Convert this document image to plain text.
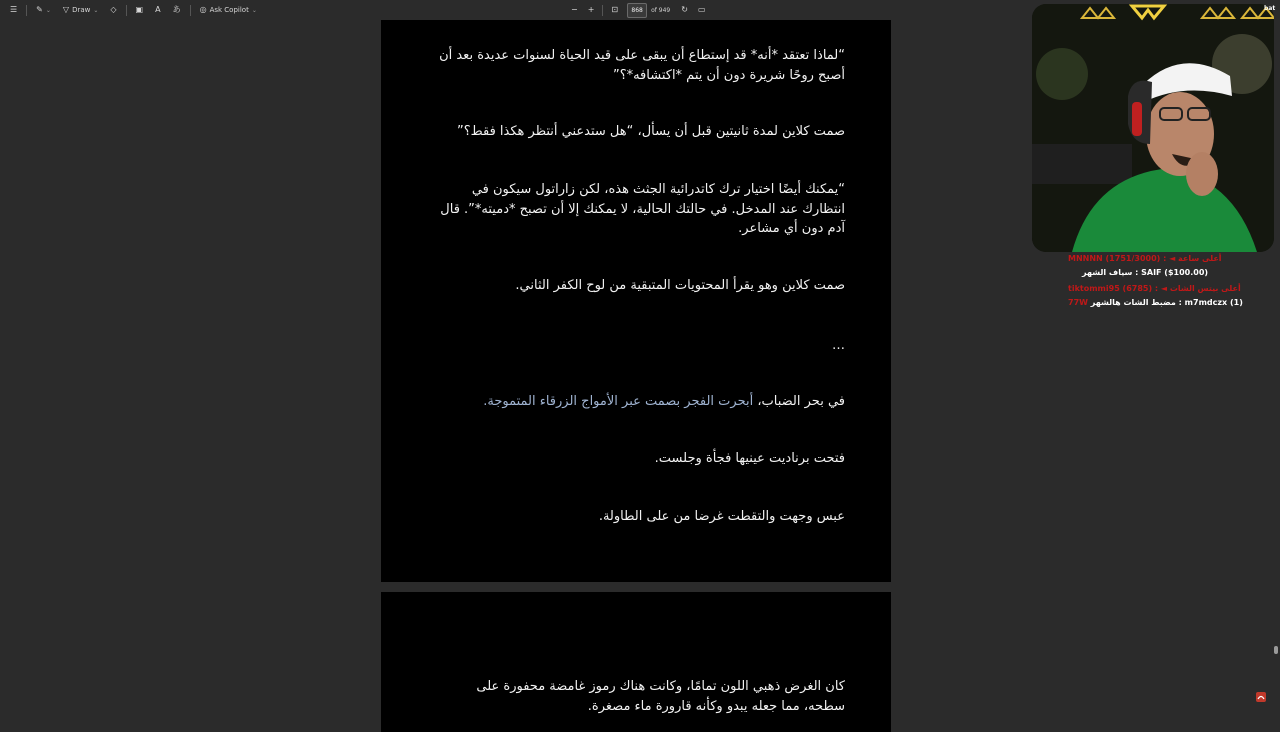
☰ ✎ ⌄ ▽ Draw ⌄ ◇ ▣ A あ ◎ Ask Copilot ⌄	− + ⊡	868	of 949 ↻ ▭

“لماذا تعتقد *أنه* قد إستطاع أن يبقى على قيد الحياة لسنوات عديدة بعد أن أصبح روحًا شريرة دون أن يتم *اكتشافه*؟”

صمت كلاين لمدة ثانيتين قبل أن يسأل، “هل ستدعني أنتظر هكذا فقط؟”

“يمكنك أيضًا اختيار ترك كاتدرائية الجثث هذه، لكن زاراتول سيكون في انتظارك عند المدخل. في حالتك الحالية، لا يمكنك إلا أن تصبح *دميته*”. قال آدم دون أي مشاعر.

صمت كلاين وهو يقرأ المحتويات المتبقية من لوح الكفر الثاني.

…

في بحر الضباب، أبحرت الفجر بصمت عبر الأمواج الزرقاء المتموجة.

فتحت برناديت عينيها فجأة وجلست.

عبس وجهت والتقطت غرضا من على الطاولة.

كان الغرض ذهبي اللون تمامًا، وكانت هناك رموز غامضة محفورة على سطحه، مما جعله يبدو وكأنه قارورة ماء مصغرة.

bat
MNNNN (1751/3000) : ◄ أعلى ساعة
سياف الشهر : SAIF ($100.00)
tiktommi95 (6785) : ◄ أعلى بيتس الشات
77W مضبط الشات هالشهر : m7mdczx (1)
